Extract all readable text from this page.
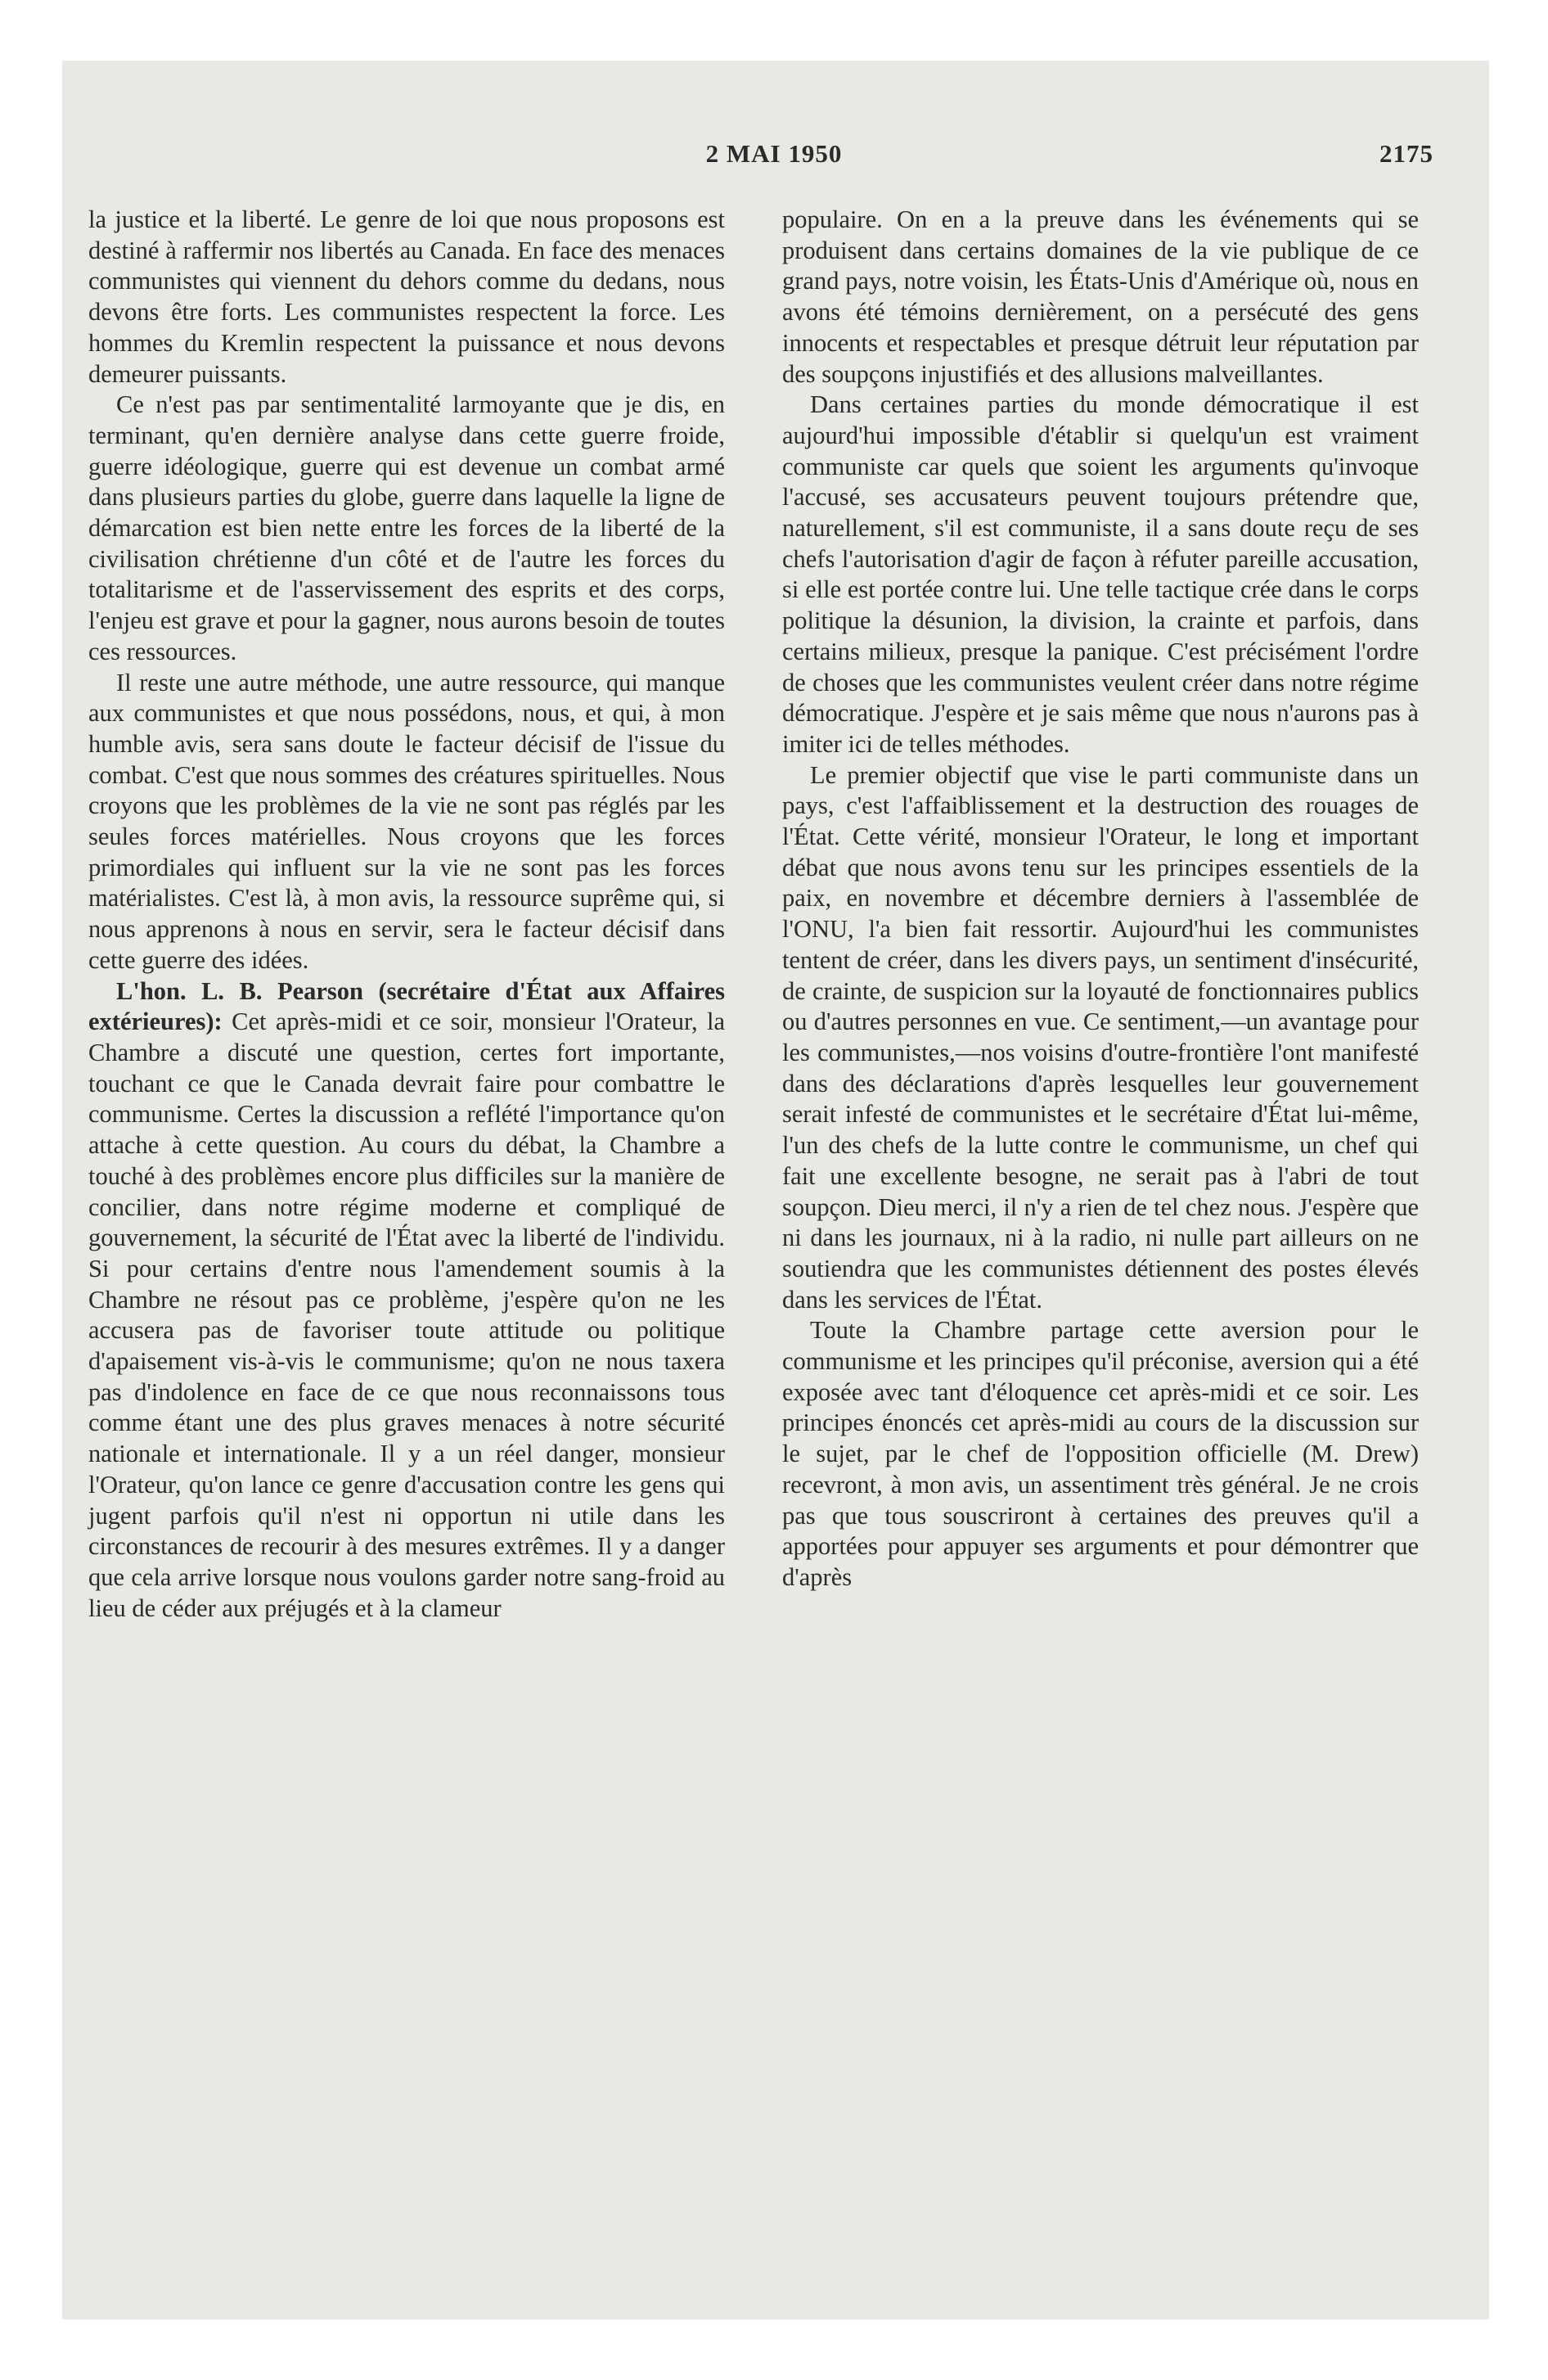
2 MAI 1950	2175

la justice et la liberté. Le genre de loi que nous proposons est destiné à raffermir nos libertés au Canada. En face des menaces communistes qui viennent du dehors comme du dedans, nous devons être forts. Les communistes respectent la force. Les hommes du Kremlin respectent la puissance et nous devons demeurer puissants.

Ce n'est pas par sentimentalité larmoyante que je dis, en terminant, qu'en dernière analyse dans cette guerre froide, guerre idéologique, guerre qui est devenue un combat armé dans plusieurs parties du globe, guerre dans laquelle la ligne de démarcation est bien nette entre les forces de la liberté de la civilisation chrétienne d'un côté et de l'autre les forces du totalitarisme et de l'asservissement des esprits et des corps, l'enjeu est grave et pour la gagner, nous aurons besoin de toutes ces ressources.

Il reste une autre méthode, une autre ressource, qui manque aux communistes et que nous possédons, nous, et qui, à mon humble avis, sera sans doute le facteur décisif de l'issue du combat. C'est que nous sommes des créatures spirituelles. Nous croyons que les problèmes de la vie ne sont pas réglés par les seules forces matérielles. Nous croyons que les forces primordiales qui influent sur la vie ne sont pas les forces matérialistes. C'est là, à mon avis, la ressource suprême qui, si nous apprenons à nous en servir, sera le facteur décisif dans cette guerre des idées.

L'hon. L. B. Pearson (secrétaire d'État aux Affaires extérieures): Cet après-midi et ce soir, monsieur l'Orateur, la Chambre a discuté une question, certes fort importante, touchant ce que le Canada devrait faire pour combattre le communisme. Certes la discussion a reflété l'importance qu'on attache à cette question. Au cours du débat, la Chambre a touché à des problèmes encore plus difficiles sur la manière de concilier, dans notre régime moderne et compliqué de gouvernement, la sécurité de l'État avec la liberté de l'individu. Si pour certains d'entre nous l'amendement soumis à la Chambre ne résout pas ce problème, j'espère qu'on ne les accusera pas de favoriser toute attitude ou politique d'apaisement vis-à-vis le communisme; qu'on ne nous taxera pas d'indolence en face de ce que nous reconnaissons tous comme étant une des plus graves menaces à notre sécurité nationale et internationale. Il y a un réel danger, monsieur l'Orateur, qu'on lance ce genre d'accusation contre les gens qui jugent parfois qu'il n'est ni opportun ni utile dans les circonstances de recourir à des mesures extrêmes. Il y a danger que cela arrive lorsque nous voulons garder notre sang-froid au lieu de céder aux préjugés et à la clameur

populaire. On en a la preuve dans les événements qui se produisent dans certains domaines de la vie publique de ce grand pays, notre voisin, les États-Unis d'Amérique où, nous en avons été témoins dernièrement, on a persécuté des gens innocents et respectables et presque détruit leur réputation par des soupçons injustifiés et des allusions malveillantes.

Dans certaines parties du monde démocratique il est aujourd'hui impossible d'établir si quelqu'un est vraiment communiste car quels que soient les arguments qu'invoque l'accusé, ses accusateurs peuvent toujours prétendre que, naturellement, s'il est communiste, il a sans doute reçu de ses chefs l'autorisation d'agir de façon à réfuter pareille accusation, si elle est portée contre lui. Une telle tactique crée dans le corps politique la désunion, la division, la crainte et parfois, dans certains milieux, presque la panique. C'est précisément l'ordre de choses que les communistes veulent créer dans notre régime démocratique. J'espère et je sais même que nous n'aurons pas à imiter ici de telles méthodes.

Le premier objectif que vise le parti communiste dans un pays, c'est l'affaiblissement et la destruction des rouages de l'État. Cette vérité, monsieur l'Orateur, le long et important débat que nous avons tenu sur les principes essentiels de la paix, en novembre et décembre derniers à l'assemblée de l'ONU, l'a bien fait ressortir. Aujourd'hui les communistes tentent de créer, dans les divers pays, un sentiment d'insécurité, de crainte, de suspicion sur la loyauté de fonctionnaires publics ou d'autres personnes en vue. Ce sentiment,—un avantage pour les communistes,—nos voisins d'outre-frontière l'ont manifesté dans des déclarations d'après lesquelles leur gouvernement serait infesté de communistes et le secrétaire d'État lui-même, l'un des chefs de la lutte contre le communisme, un chef qui fait une excellente besogne, ne serait pas à l'abri de tout soupçon. Dieu merci, il n'y a rien de tel chez nous. J'espère que ni dans les journaux, ni à la radio, ni nulle part ailleurs on ne soutiendra que les communistes détiennent des postes élevés dans les services de l'État.

Toute la Chambre partage cette aversion pour le communisme et les principes qu'il préconise, aversion qui a été exposée avec tant d'éloquence cet après-midi et ce soir. Les principes énoncés cet après-midi au cours de la discussion sur le sujet, par le chef de l'opposition officielle (M. Drew) recevront, à mon avis, un assentiment très général. Je ne crois pas que tous souscriront à certaines des preuves qu'il a apportées pour appuyer ses arguments et pour démontrer que d'après
